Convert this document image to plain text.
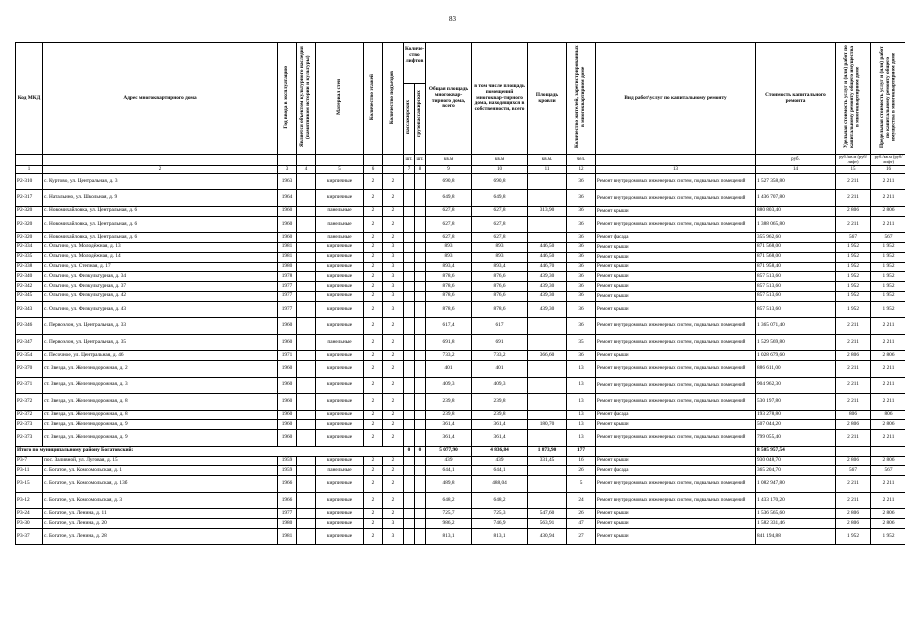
83
Код МКД	Адрес многоквартирного дома	Год ввода в эксплуатацию	Является объектом культурного наследия (памятником истории и культуры)	Материал стен	Количество этажей	Количество подъездов	Количе-ство лифтов		Общая площадь многоквар-тирного дома, всего	в том числе площадь помещений многоквар-тирного дома, находящихся в собственности, всего	Площадь кровли	Количество жителей, зарегистрированных в многоквартирном доме	Вид работ\услуг по капитальному ремонту	Стоимость капитального ремонта	Удельная стоимость услуг и (или) работ по капитальному ремонту общего имущества в многоквартирном доме	Предельная стоимость услуг и (или) работ по капитальному ремонту общего имущества в многоквартирном доме
							пассажирских	грузопассажирских								
							шт.	шт.	кв.м	кв.м	кв.м.	чел.		руб.	руб./кв.м (руб/лифт)	руб./кв.м (руб/лифт)
1	2	3	4	5	6		7	8	9	10	11	12	13	14	15	16
Р2-310	с. Куртово, ул. Центральная, д. 3	1963		кирпичные	2	2			690,8	690,8		36	Ремонт внутридомовых инженерных систем, подвальных помещений	1 527 358,80	2 211	2 211
Р2-317	с. Натальино, ул. Школьная, д. 9	1964		кирпичные	2	2			649,8	649,8		36	Ремонт внутридомовых инженерных систем, подвальных помещений	1 436 707,80	2 211	2 211
Р2-320	с. Новомихайловка, ул. Центральная, д. 6	1960		панельные	2	2			627,8	627,8	313,90	36	Ремонт крыши	880 803,40	2 806	2 806
Р2-320	с. Новомихайловка, ул. Центральная, д. 6	1960		панельные	2	2			627,8	627,8		36	Ремонт внутридомовых инженерных систем, подвальных помещений	1 388 065,80	2 211	2 211
Р2-320	с. Новомихайловка, ул. Центральная, д. 6	1960		панельные	2	2			627,8	627,8		36	Ремонт фасада	355 962,60	567	567
Р2-334	с. Ольгино, ул. Молодёжная, д. 13	1981		кирпичные	2	3			893	893	446,50	36	Ремонт крыши	871 568,00	1 952	1 952
Р2-335	с. Ольгино, ул. Молодёжная, д. 14	1981		кирпичные	2	3			893	893	446,50	36	Ремонт крыши	871 568,00	1 952	1 952
Р2-338	с. Ольгино, ул. Степная, д. 17	1980		кирпичные	2	3			893,4	893,4	446,70	36	Ремонт крыши	871 958,40	1 952	1 952
Р2-340	с. Ольгино, ул. Физкультурная, д. 34	1978		кирпичные	2	3			878,6	876,6	439,30	36	Ремонт крыши	857 513,60	1 952	1 952
Р2-342	с. Ольгино, ул. Физкультурная, д. 37	1977		кирпичные	2	3			878,6	876,6	439,30	36	Ремонт крыши	857 513,60	1 952	1 952
Р2-345	с. Ольгино, ул. Физкультурная, д. 42	1977		кирпичные	2	3			878,6	876,6	439,30	36	Ремонт крыши	857 513,60	1 952	1 952
Р2-343	с. Ольгино, ул. Физкультурная, д. 43	1977		кирпичные	2	3			878,6	878,6	439,30	36	Ремонт крыши	857 513,60	1 952	1 952
Р2-346	с. Первоэлон, ул. Центральная, д. 33	1960		кирпичные	2	2			617,4	617		36	Ремонт внутридомовых инженерных систем, подвальных помещений	1 365 071,40	2 211	2 211
Р2-347	с. Первоэлон, ул. Центральная, д. 35	1960		панельные	2	2			691,8	691		35	Ремонт внутридомовых инженерных систем, подвальных помещений	1 529 569,80	2 211	2 211
Р2-354	с. Песочное, ул. Центральная, д. 46	1971		кирпичные	2	2			733,2	733,2	366,60	36	Ремонт крыши	1 028 679,60	2 806	2 806
Р2-370	ст. Звезда, ул. Железнодорожная, д. 2	1960		кирпичные	2	2			401	401		13	Ремонт внутридомовых инженерных систем, подвальных помещений	886 611,00	2 211	2 211
Р2-371	ст. Звезда, ул. Железнодорожная, д. 3	1960		кирпичные	2	2			409,3	409,3		13	Ремонт внутридомовых инженерных систем, подвальных помещений	904 962,30	2 211	2 211
Р2-372	ст. Звезда, ул. Железнодорожная, д. 8	1960		кирпичные	2	2			239,8	239,8		13	Ремонт внутридомовых инженерных систем, подвальных помещений	530 197,80	2 211	2 211
Р2-372	ст. Звезда, ул. Железнодорожная, д. 8	1960		кирпичные	2	2			239,8	239,8		13	Ремонт фасада	193 278,80	806	806
Р2-373	ст. Звезда, ул. Железнодорожная, д. 9	1960		кирпичные	2	2			361,4	361,4	180,70	13	Ремонт крыши	507 044,20	2 806	2 806
Р2-373	ст. Звезда, ул. Железнодорожная, д. 9	1960		кирпичные	2	2			361,4	361,4		13	Ремонт внутридомовых инженерных систем, подвальных помещений	799 055,40	2 211	2 211
Итого по муниципальному району Богатовский:							0	0	5 077,90	4 836,84	1 873,90	177		8 505 957,54		
Р3-7	пос. Заливной, ул. Луговая, д. 15	1959		кирпичные	2	2			439	439	331,45	16	Ремонт крыши	930 048,70	2 806	2 806
Р3-11	с. Богатое, ул. Комсомольская, д. 1	1959		панельные	2	2			644,1	644,1		26	Ремонт фасада	365 204,70	567	567
Р3-15	с. Богатое, ул. Комсомольская, д. 13б	1966		кирпичные	2	2			489,8	488,04		5	Ремонт внутридомовых инженерных систем, подвальных помещений	1 082 947,80	2 211	2 211
Р3-12	с. Богатое, ул. Комсомольская, д. 3	1966		кирпичные	2	2			648,2	648,2		24	Ремонт внутридомовых инженерных систем, подвальных помещений	1 433 170,20	2 211	2 211
Р3-24	с. Богатое, ул. Ленина, д. 11	1977		кирпичные	2	2			725,7	725,3	547,60	26	Ремонт крыши	1 536 565,60	2 806	2 806
Р3-30	с. Богатое, ул. Ленина, д. 20	1980		кирпичные	2	3			986,2	746,9	563,91	47	Ремонт крыши	1 582 331,46	2 806	2 806
Р3-37	с. Богатое, ул. Ленина, д. 28	1981		кирпичные	2	3			813,1	813,1	430,94	27	Ремонт крыши	841 194,88	1 952	1 952
